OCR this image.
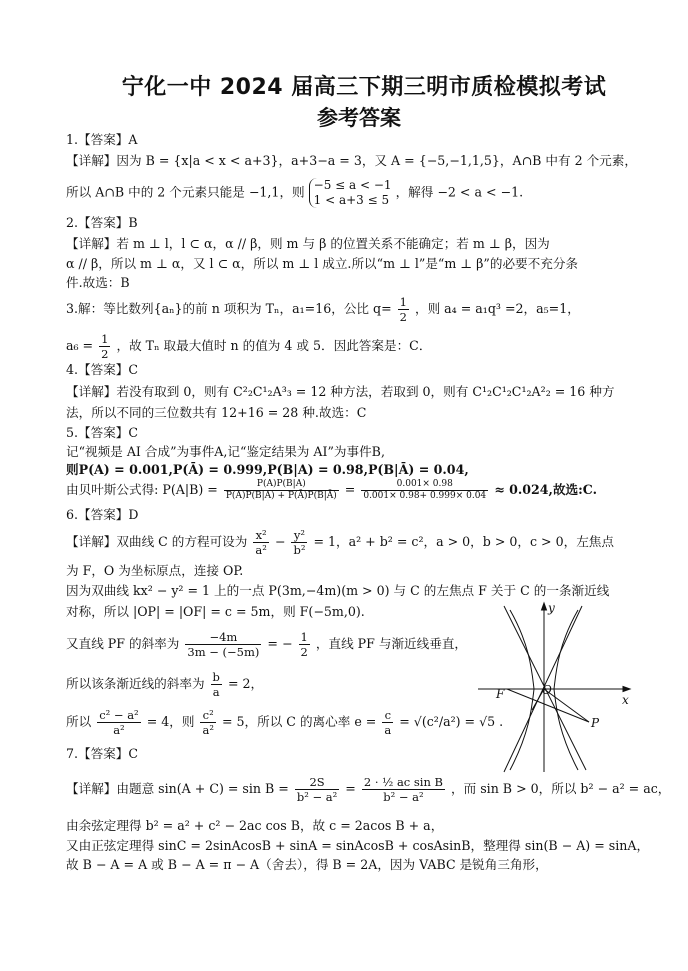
宁化一中 2024 届高三下期三明市质检模拟考试
参考答案
1.【答案】A
【详解】因为 B = {x|a < x < a+3}，a+3−a = 3，又 A = {−5,−1,1,5}，A∩B 中有 2 个元素，
所以 A∩B 中的 2 个元素只能是 −1,1，则 −5 ≤ a < −1
1 < a+3 ≤ 5
，解得 −2 < a < −1.
2.【答案】B
【详解】若 m ⊥ l，l ⊂ α，α // β，则 m 与 β 的位置关系不能确定；若 m ⊥ β，因为
α // β，所以 m ⊥ α，又 l ⊂ α，所以 m ⊥ l 成立.所以“m ⊥ l”是“m ⊥ β”的必要不充分条
件.故选：B
3.解：等比数列{aₙ}的前 n 项积为 Tₙ，a₁=16，公比 $q= \frac{1}{2}$ ，则 a₄ = a₁q³ =2，a₅=1，
$a_6 = \frac{1}{2}$ ，故 Tₙ 取最大值时 n 的值为 4 或 5．因此答案是：C．
4.【答案】C
【详解】若没有取到 0，则有 C²₂C¹₂A³₃ = 12 种方法，若取到 0，则有 C¹₂C¹₂C¹₂A²₂ = 16 种方
法，所以不同的三位数共有 12+16 = 28 种.故选：C
5.【答案】C
记“视频是 AI 合成”为事件A,记“鉴定结果为 AI”为事件B,
则P(A) = 0.001,P(Ā) = 0.999,P(B|A) = 0.98,P(B|Ā) = 0.04,
由贝叶斯公式得: $P(A|B) = \frac{P(A)P(B|A)}{P(A)P(B|A) + P(Ā)P(B|Ā)} = \frac{0.001\times 0.98}{0.001\times 0.98+ 0.999\times 0.04} \approx 0.024$,故选:C.
6.【答案】D
【详解】双曲线 C 的方程可设为 $\frac{\text{x²}}{\text{a²}} - \frac{\text{y²}}{\text{b²}} = 1$，a² + b² = c²，a > 0，b > 0，c > 0，左焦点
为 F，O 为坐标原点，连接 OP.
因为双曲线 kx² − y² = 1 上的一点 P(3m,−4m)(m > 0) 与 C 的左焦点 F 关于 C 的一条渐近线
对称，所以 |OP| = |OF| = c = 5m，则 F(−5m,0).
又直线 PF 的斜率为 $\frac{-4m}{3m - (-5m)}$ = − $\frac{1}{2}$ ，直线 PF 与渐近线垂直，
所以该条渐近线的斜率为 $\frac{b}{a} = 2$，
所以 $\frac{\text{c² − a²}}{\text{a²}} = 4$，则 $\frac{\text{c²}}{\text{a²}} = 5$，所以 C 的离心率 $e = \frac{c}{a} = √(c^2/a^2) = √5$ .
7.【答案】C
【详解】由题意 $\sin(A + C) = \sin B = \frac{2S}{\text{b² − a²}} = \frac{\text{2 · ½ ac sin B}}{\text{b² − a²}}$ ，而 sin B > 0，所以 b² − a² = ac，
由余弦定理得 b² = a² + c² − 2ac cos B，故 c = 2acos B + a，
又由正弦定理得 sinC = 2sinAcosB + sinA = sinAcosB + cosAsinB，整理得 sin(B − A) = sinA，
故 B − A = A 或 B − A = π − A（舍去），得 B = 2A，因为 VABC 是锐角三角形，
y
x
F	O
P
